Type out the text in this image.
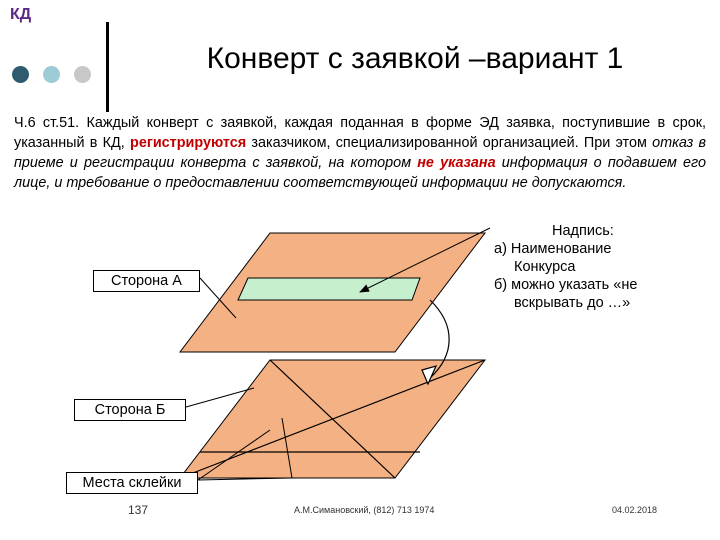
КД
Конверт с заявкой –вариант 1
Ч.6 ст.51. Каждый конверт с заявкой, каждая поданная в форме ЭД заявка, поступившие в срок, указанный в КД, регистрируются заказчиком, специализированной организацией. При этом отказ в приеме и регистрации конверта с заявкой, на котором не указана информация о подавшем его лице, и требование о предоставлении соответствующей информации не допускаются.
Сторона А
Сторона Б
Места склейки
Надпись:
а) Наименование
Конкурса
б) можно указать «не
вскрывать до …»
137	А.М.Симановский, (812) 713 1974	04.02.2018
